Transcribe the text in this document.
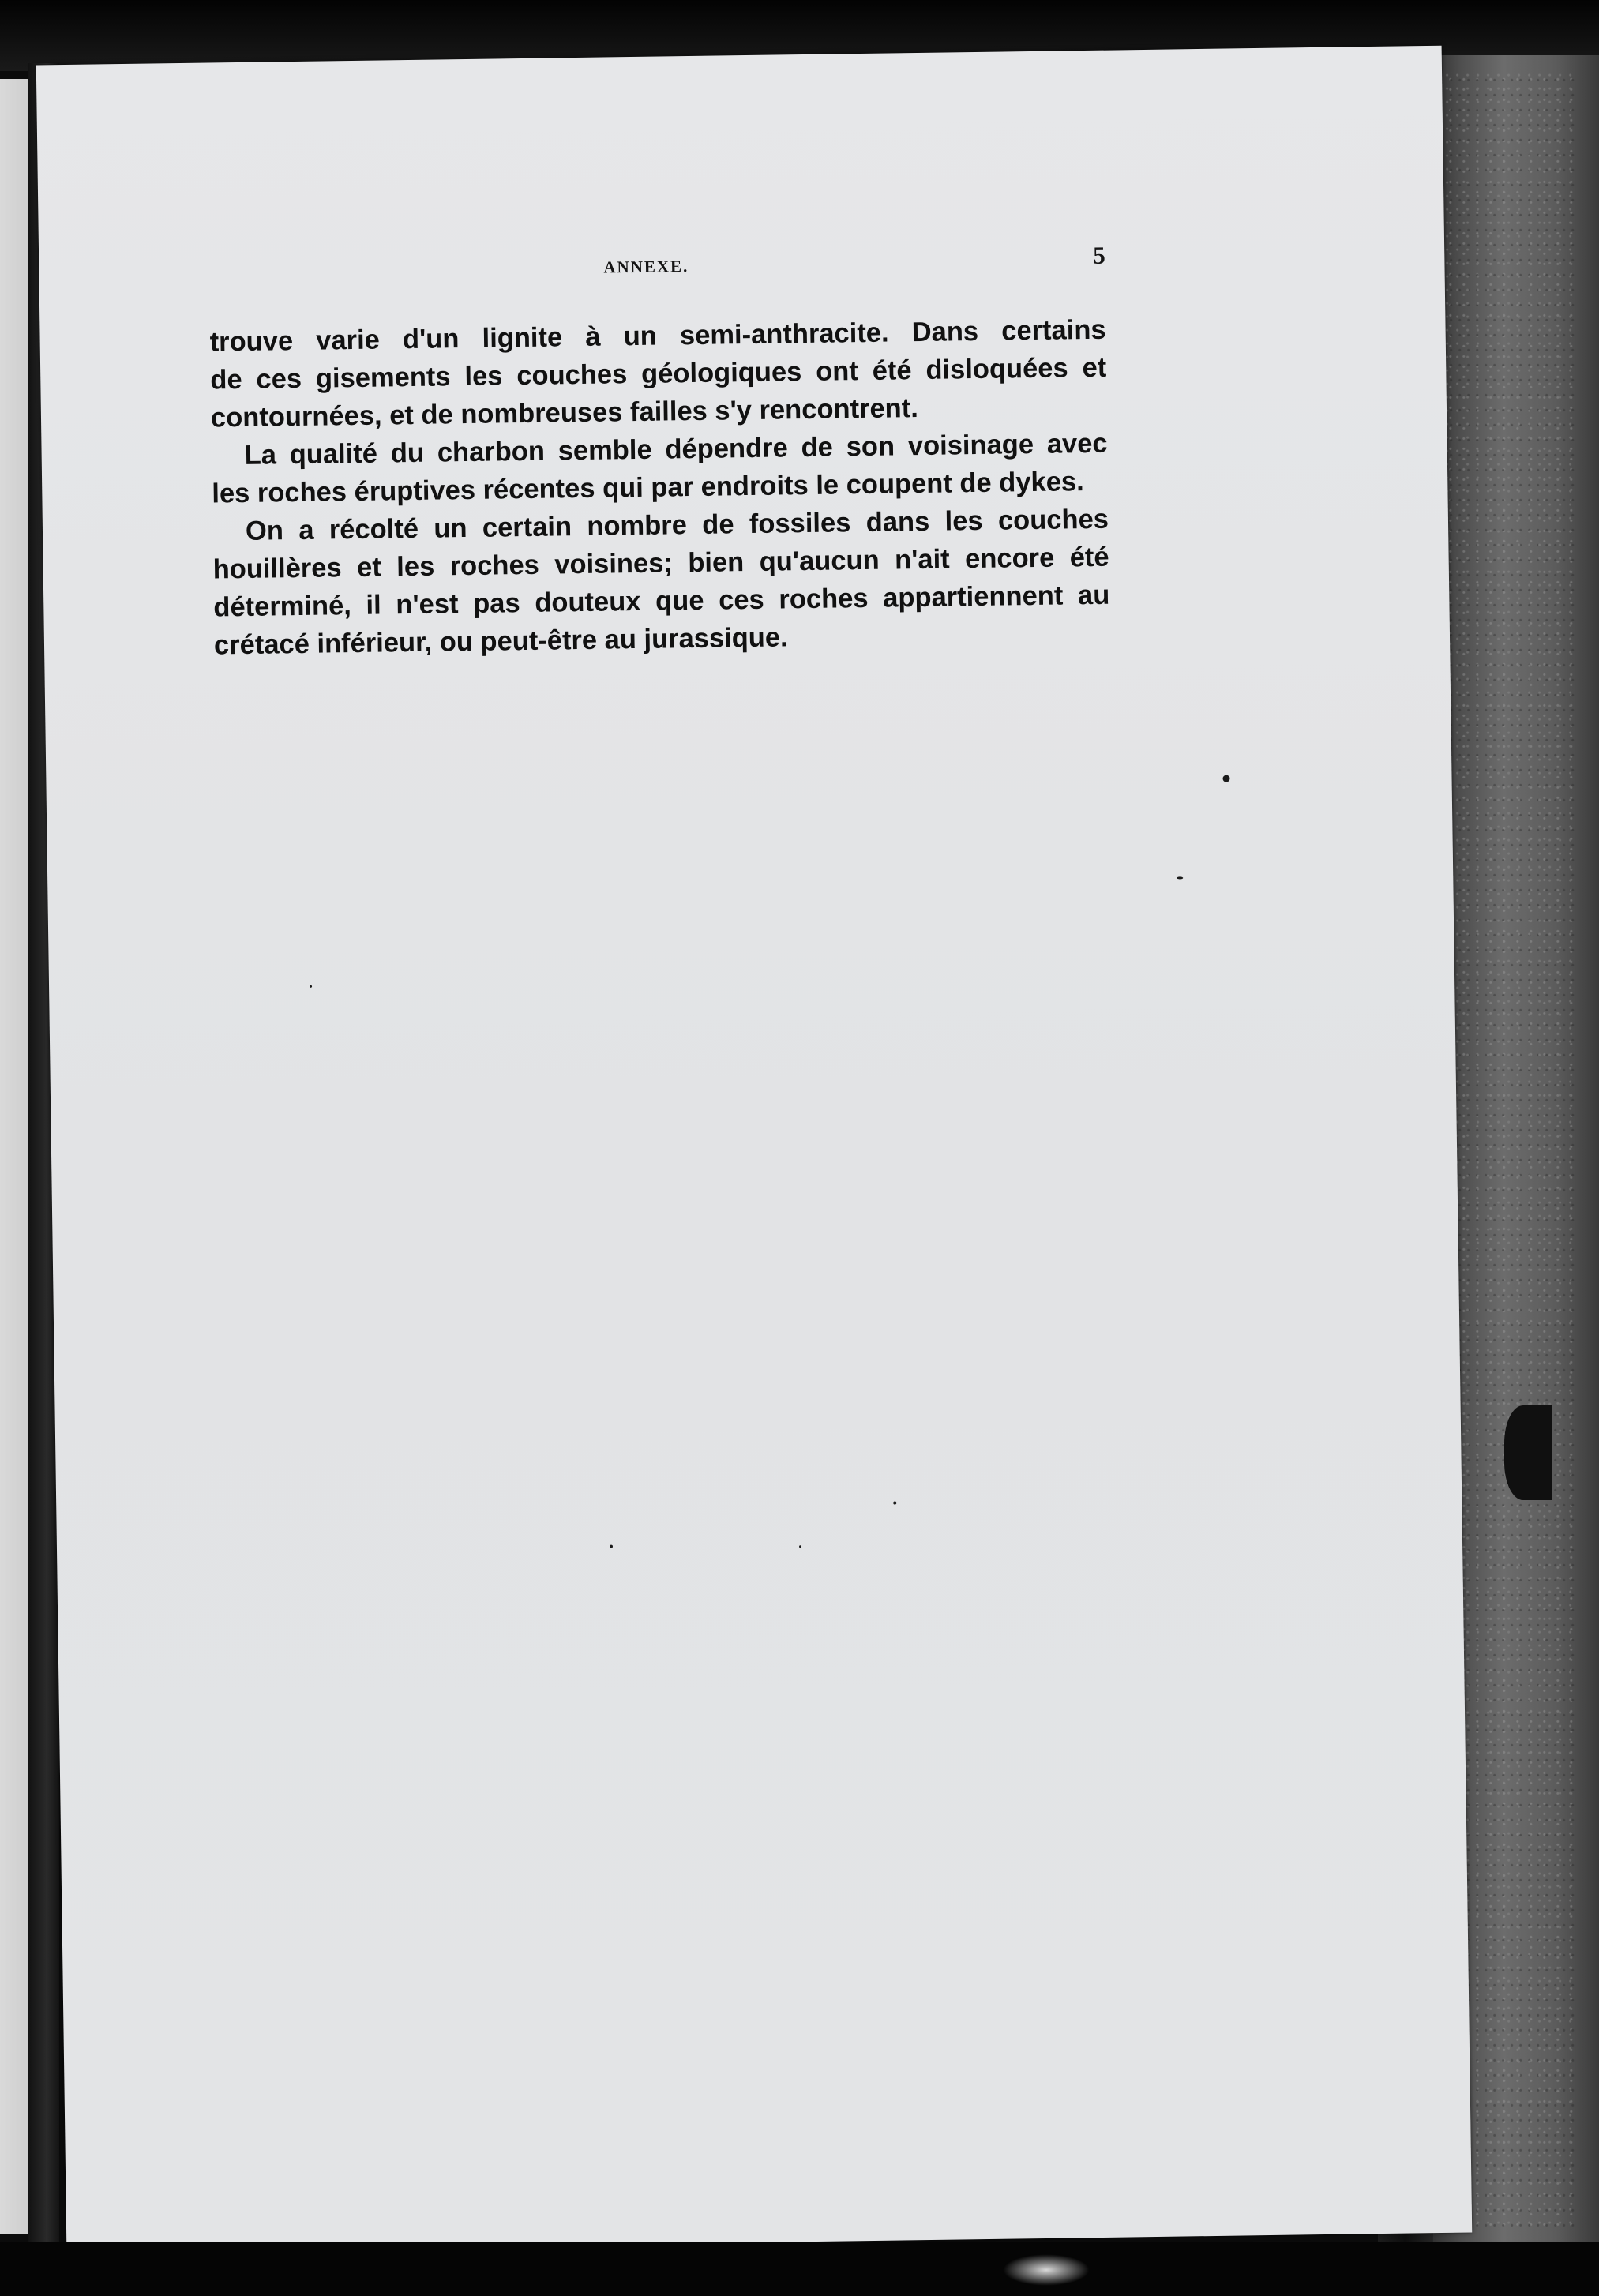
ANNEXE.	5

trouve varie d'un lignite à un semi-anthracite. Dans certains
de ces gisements les couches géologiques ont été disloquées et
contournées, et de nombreuses failles s'y rencontrent.

La qualité du charbon semble dépendre de son voisinage avec
les roches éruptives récentes qui par endroits le coupent de dykes.

On a récolté un certain nombre de fossiles dans les couches
houillères et les roches voisines; bien qu'aucun n'ait encore été
déterminé, il n'est pas douteux que ces roches appartiennent au
crétacé inférieur, ou peut-être au jurassique.
